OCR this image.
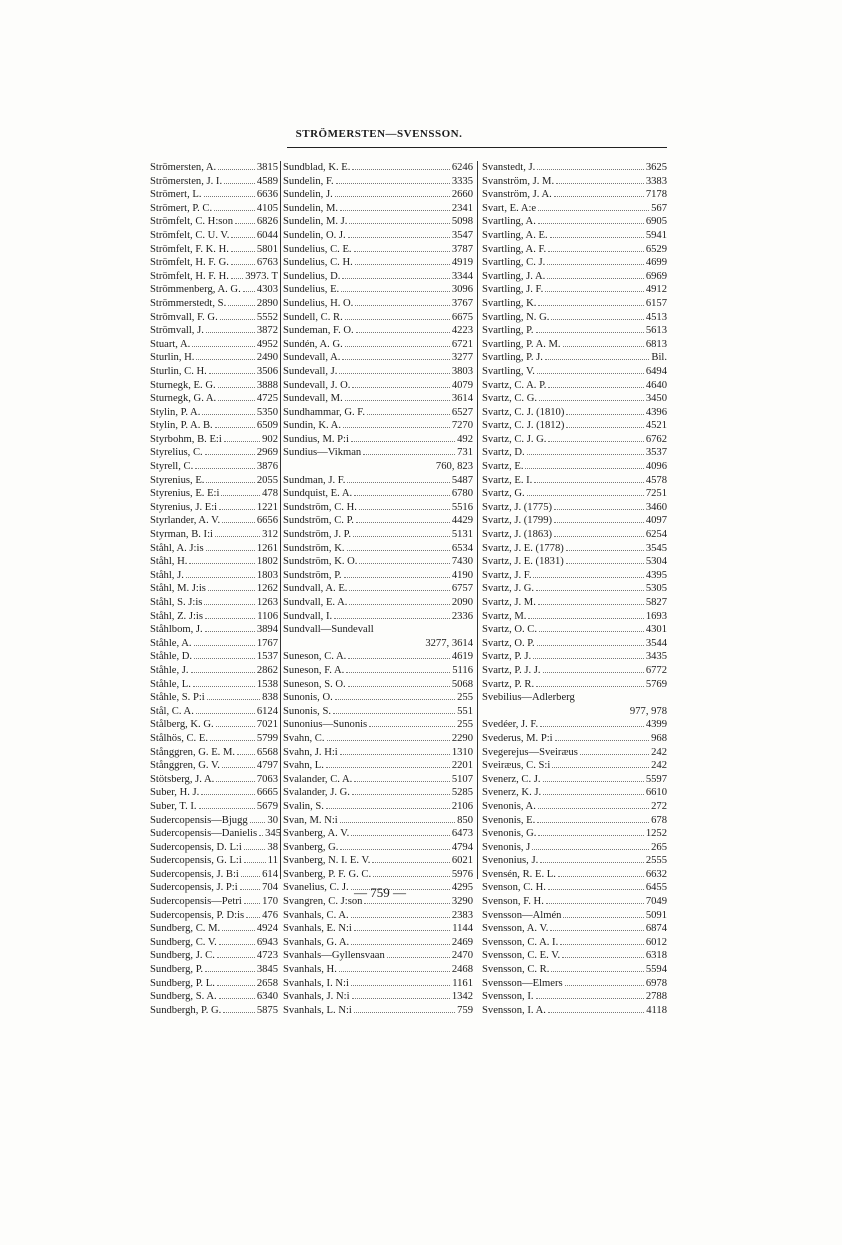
STRÖMERSTEN—SVENSSON.
Strömersten, A.	3815
Strömersten, J. I.	4589
Strömert, L.	6636
Strömert, P. C.	4105
Strömfelt, C. H:son 6826
Strömfelt, C. U. V.	6044
Strömfelt, F. K. H.	5801
Strömfelt, H. F. G.	6763
Strömfelt, H. F. H. 3973. T
Strömmenberg, A. G. 4303
Strömmerstedt, S.	2890
Strömvall, F. G.	5552
Strömvall, J.	3872
Stuart, A.	4952
Sturlin, H.	2490
Sturlin, C. H.	3506
Sturnegk, E. G.	3888
Sturnegk, G. A.	4725
Stylin, P. A.	5350
Stylin, P. A. B.	6509
Styrbohm, B. E:i	902
Styrelius, C.	2969
Styrell, C.	3876
Styrenius, E.	2055
Styrenius, E. E:i	478
Styrenius, J. E:i	1221
Styrlander, A. V.	6656
Styrman, B. I:i	312
Ståhl, A. J:is	1261
Ståhl, H.	1802
Ståhl, J.	1803
Ståhl, M. J:is	1262
Ståhl, S. J:is	1263
Ståhl, Z. J:is	1106
Ståhlbom, J.	3894
Ståhle, A.	1767
Ståhle, D.	1537
Ståhle, J.	2862
Ståhle, L.	1538
Ståhle, S. P:i	838
Stål, C. A.	6124
Stålberg, K. G.	7021
Stålhös, C. E.	5799
Stånggren, G. E. M. 6568
Stånggren, G. V.	4797
Stötsberg, J. A.	7063
Suber, H. J.	6665
Suber, T. I.	5679
Sudercopensis—Bjugg 30
Sudercopensis—Danielis 345
Sudercopensis, D. L:i 38
Sudercopensis, G. L:i 11
Sudercopensis, J. B:i 614
Sudercopensis, J. P:i 704
Sudercopensis—Petri 170
Sudercopensis, P. D:is 476
Sundberg, C. M.	4924
Sundberg, C. V.	6943
Sundberg, J. C.	4723
Sundberg, P.	3845
Sundberg, P. L.	2658
Sundberg, S. A.	6340
Sundbergh, P. G.	5875
Sundblad, K. E.	6246
Sundelin, F.	3335
Sundelin, J.	2660
Sundelin, M.	2341
Sundelin, M. J.	5098
Sundelin, O. J.	3547
Sundelius, C. E.	3787
Sundelius, C. H.	4919
Sundelius, D.	3344
Sundelius, E.	3096
Sundelius, H. O.	3767
Sundell, C. R.	6675
Sundeman, F. O.	4223
Sundén, A. G.	6721
Sundevall, A.	3277
Sundevall, J.	3803
Sundevall, J. O.	4079
Sundevall, M.	3614
Sundhammar, G. F.	6527
Sundin, K. A.	7270
Sundius, M. P:i	492
Sundius—Vikman	731
760, 823
Sundman, J. F.	5487
Sundquist, E. A.	6780
Sundström, C. H.	5516
Sundström, C. P.	4429
Sundström, J. P.	5131
Sundström, K.	6534
Sundström, K. O.	7430
Sundström, P.	4190
Sundvall, A. E.	6757
Sundvall, E. A.	2090
Sundvall, I.	2336
Sundvall—Sundevall
3277, 3614
Suneson, C. A.	4619
Suneson, F. A.	5116
Suneson, S. O.	5068
Sunonis, O.	255
Sunonis, S.	551
Sunonius—Sunonis	255
Svahn, C.	2290
Svahn, J. H:i	1310
Svahn, L.	2201
Svalander, C. A.	5107
Svalander, J. G.	5285
Svalin, S.	2106
Svan, M. N:i	850
Svanberg, A. V.	6473
Svanberg, G.	4794
Svanberg, N. I. E. V.	6021
Svanberg, P. F. G. C.	5976
Svanelius, C. J.	4295
Svangren, C. J:son	3290
Svanhals, C. A.	2383
Svanhals, E. N:i	1144
Svanhals, G. A.	2469
Svanhals—Gyllensvaan	2470
Svanhals, H.	2468
Svanhals, I. N:i	1161
Svanhals, J. N:i	1342
Svanhals, L. N:i	759
Svanstedt, J.	3625
Svanström, J. M.	3383
Svanström, J. A.	7178
Svart, E. A:e	567
Svartling, A.	6905
Svartling, A. E.	5941
Svartling, A. F.	6529
Svartling, C. J.	4699
Svartling, J. A.	6969
Svartling, J. F.	4912
Svartling, K.	6157
Svartling, N. G.	4513
Svartling, P.	5613
Svartling, P. A. M.	6813
Svartling, P. J.	Bil.
Svartling, V.	6494
Svartz, C. A. P.	4640
Svartz, C. G.	3450
Svartz, C. J. (1810)	4396
Svartz, C. J. (1812)	4521
Svartz, C. J. G.	6762
Svartz, D.	3537
Svartz, E.	4096
Svartz, E. I.	4578
Svartz, G.	7251
Svartz, J. (1775)	3460
Svartz, J. (1799)	4097
Svartz, J. (1863)	6254
Svartz, J. E. (1778)	3545
Svartz, J. E. (1831)	5304
Svartz, J. F.	4395
Svartz, J. G.	5305
Svartz, J. M.	5827
Svartz, M.	1693
Svartz, O. C.	4301
Svartz, O. P.	3544
Svartz, P. J.	3435
Svartz, P. J. J.	6772
Svartz, P. R.	5769
Svebilius—Adlerberg
977, 978
Svedéer, J. F.	4399
Svederus, M. P:i	968
Svegerejus—Sveiræus	242
Sveiræus, C. S:i	242
Svenerz, C. J.	5597
Svenerz, K. J.	6610
Svenonis, A.	272
Svenonis, E.	678
Svenonis, G.	1252
Svenonis, J	265
Svenonius, J.	2555
Svensén, R. E. L.	6632
Svenson, C. H.	6455
Svenson, F. H.	7049
Svensson—Almén	5091
Svensson, A. V.	6874
Svensson, C. A. I.	6012
Svensson, C. E. V.	6318
Svensson, C. R.	5594
Svensson—Elmers	6978
Svensson, I.	2788
Svensson, I. A.	4118
— 759 —
